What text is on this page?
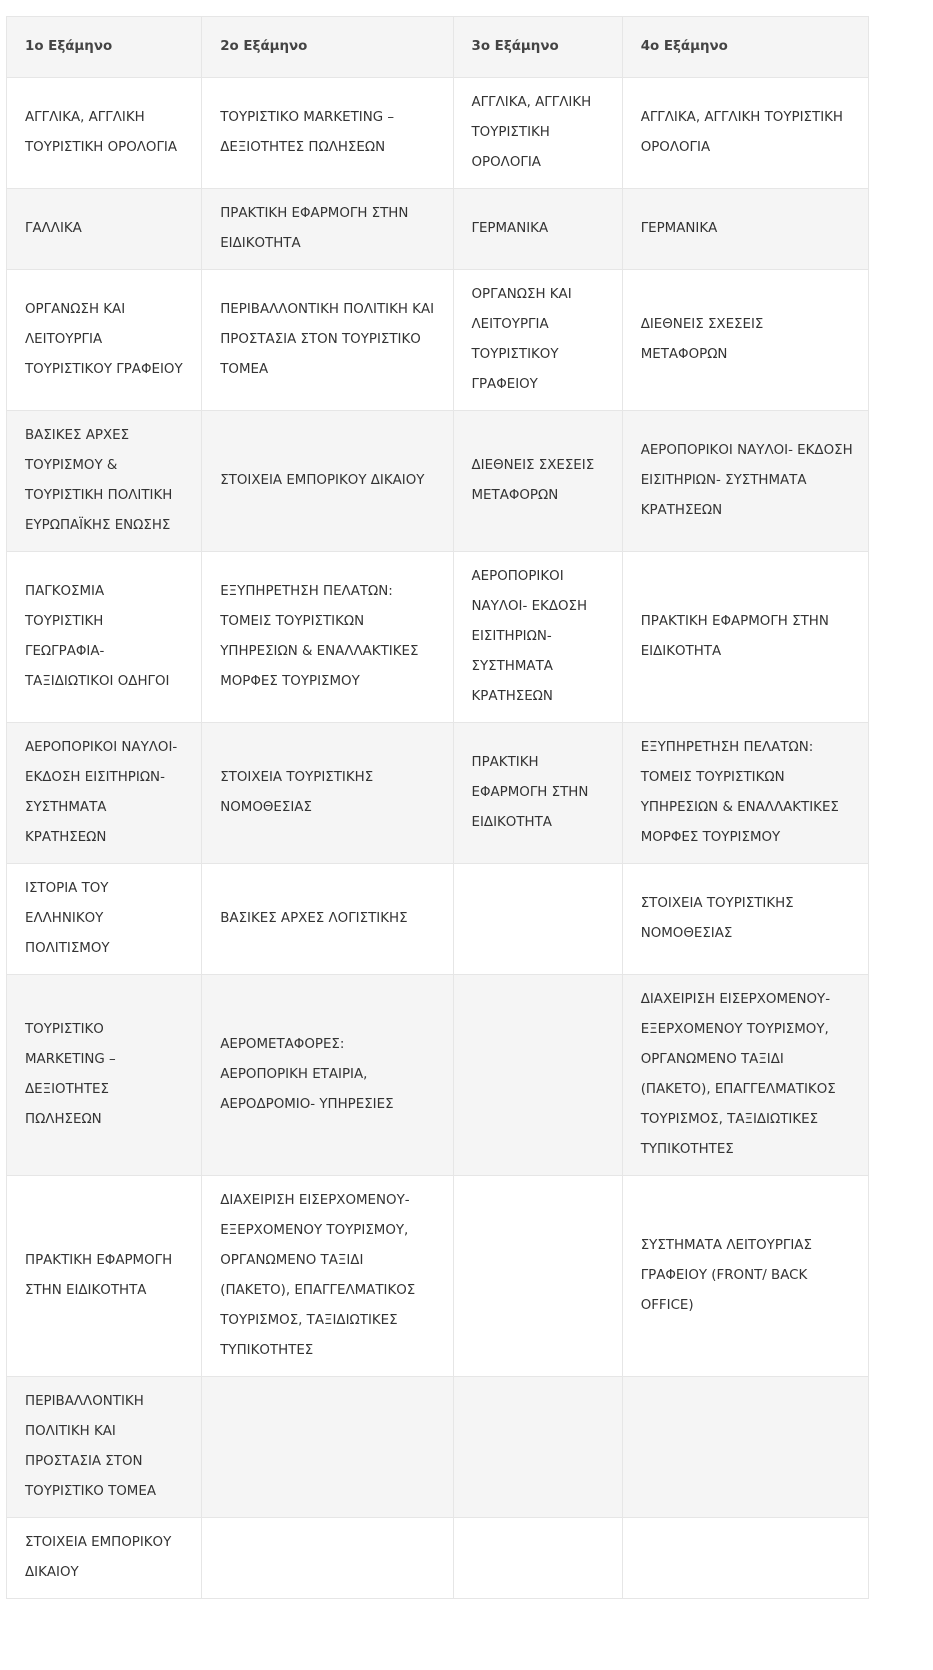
1ο Εξάμηνο	2ο Εξάμηνο	3ο Εξάμηνο	4ο Εξάμηνο
ΑΓΓΛΙΚΑ, ΑΓΓΛΙΚΗ ΤΟΥΡΙΣΤΙΚΗ ΟΡΟΛΟΓΙΑ	ΤΟΥΡΙΣΤΙΚΟ MARKETING – ΔΕΞΙΟΤΗΤΕΣ ΠΩΛΗΣΕΩΝ	ΑΓΓΛΙΚΑ, ΑΓΓΛΙΚΗ ΤΟΥΡΙΣΤΙΚΗ ΟΡΟΛΟΓΙΑ	ΑΓΓΛΙΚΑ, ΑΓΓΛΙΚΗ ΤΟΥΡΙΣΤΙΚΗ ΟΡΟΛΟΓΙΑ
ΓΑΛΛΙΚΑ	ΠΡΑΚΤΙΚΗ ΕΦΑΡΜΟΓΗ ΣΤΗΝ ΕΙΔΙΚΟΤΗΤΑ	ΓΕΡΜΑΝΙΚΑ	ΓΕΡΜΑΝΙΚΑ
ΟΡΓΑΝΩΣΗ ΚΑΙ ΛΕΙΤΟΥΡΓΙΑ ΤΟΥΡΙΣΤΙΚΟΥ ΓΡΑΦΕΙΟΥ	ΠΕΡΙΒΑΛΛΟΝΤΙΚΗ ΠΟΛΙΤΙΚΗ ΚΑΙ ΠΡΟΣΤΑΣΙΑ ΣΤΟΝ ΤΟΥΡΙΣΤΙΚΟ ΤΟΜΕΑ	ΟΡΓΑΝΩΣΗ ΚΑΙ ΛΕΙΤΟΥΡΓΙΑ ΤΟΥΡΙΣΤΙΚΟΥ ΓΡΑΦΕΙΟΥ	ΔΙΕΘΝΕΙΣ ΣΧΕΣΕΙΣ ΜΕΤΑΦΟΡΩΝ
ΒΑΣΙΚΕΣ ΑΡΧΕΣ ΤΟΥΡΙΣΜΟΥ & ΤΟΥΡΙΣΤΙΚΗ ΠΟΛΙΤΙΚΗ ΕΥΡΩΠΑΪΚΗΣ ΕΝΩΣΗΣ	ΣΤΟΙΧΕΙΑ ΕΜΠΟΡΙΚΟΥ ΔΙΚΑΙΟΥ	ΔΙΕΘΝΕΙΣ ΣΧΕΣΕΙΣ ΜΕΤΑΦΟΡΩΝ	ΑΕΡΟΠΟΡΙΚΟΙ ΝΑΥΛΟΙ- ΕΚΔΟΣΗ ΕΙΣΙΤΗΡΙΩΝ- ΣΥΣΤΗΜΑΤΑ ΚΡΑΤΗΣΕΩΝ
ΠΑΓΚΟΣΜΙΑ ΤΟΥΡΙΣΤΙΚΗ ΓΕΩΓΡΑΦΙΑ- ΤΑΞΙΔΙΩΤΙΚΟΙ ΟΔΗΓΟΙ	ΕΞΥΠΗΡΕΤΗΣΗ ΠΕΛΑΤΩΝ: ΤΟΜΕΙΣ ΤΟΥΡΙΣΤΙΚΩΝ ΥΠΗΡΕΣΙΩΝ & ΕΝΑΛΛΑΚΤΙΚΕΣ ΜΟΡΦΕΣ ΤΟΥΡΙΣΜΟΥ	ΑΕΡΟΠΟΡΙΚΟΙ ΝΑΥΛΟΙ- ΕΚΔΟΣΗ ΕΙΣΙΤΗΡΙΩΝ- ΣΥΣΤΗΜΑΤΑ ΚΡΑΤΗΣΕΩΝ	ΠΡΑΚΤΙΚΗ ΕΦΑΡΜΟΓΗ ΣΤΗΝ ΕΙΔΙΚΟΤΗΤΑ
ΑΕΡΟΠΟΡΙΚΟΙ ΝΑΥΛΟΙ- ΕΚΔΟΣΗ ΕΙΣΙΤΗΡΙΩΝ- ΣΥΣΤΗΜΑΤΑ ΚΡΑΤΗΣΕΩΝ	ΣΤΟΙΧΕΙΑ ΤΟΥΡΙΣΤΙΚΗΣ ΝΟΜΟΘΕΣΙΑΣ	ΠΡΑΚΤΙΚΗ ΕΦΑΡΜΟΓΗ ΣΤΗΝ ΕΙΔΙΚΟΤΗΤΑ	ΕΞΥΠΗΡΕΤΗΣΗ ΠΕΛΑΤΩΝ: ΤΟΜΕΙΣ ΤΟΥΡΙΣΤΙΚΩΝ ΥΠΗΡΕΣΙΩΝ & ΕΝΑΛΛΑΚΤΙΚΕΣ ΜΟΡΦΕΣ ΤΟΥΡΙΣΜΟΥ
ΙΣΤΟΡΙΑ ΤΟΥ ΕΛΛΗΝΙΚΟΥ ΠΟΛΙΤΙΣΜΟΥ	ΒΑΣΙΚΕΣ ΑΡΧΕΣ ΛΟΓΙΣΤΙΚΗΣ		ΣΤΟΙΧΕΙΑ ΤΟΥΡΙΣΤΙΚΗΣ ΝΟΜΟΘΕΣΙΑΣ
ΤΟΥΡΙΣΤΙΚΟ MARKETING – ΔΕΞΙΟΤΗΤΕΣ ΠΩΛΗΣΕΩΝ	ΑΕΡΟΜΕΤΑΦΟΡΕΣ: ΑΕΡΟΠΟΡΙΚΗ ΕΤΑΙΡΙΑ, ΑΕΡΟΔΡΟΜΙΟ- ΥΠΗΡΕΣΙΕΣ		ΔΙΑΧΕΙΡΙΣΗ ΕΙΣΕΡΧΟΜΕΝΟΥ-ΕΞΕΡΧΟΜΕΝΟΥ ΤΟΥΡΙΣΜΟΥ, ΟΡΓΑΝΩΜΕΝΟ ΤΑΞΙΔΙ (ΠΑΚΕΤΟ), ΕΠΑΓΓΕΛΜΑΤΙΚΟΣ ΤΟΥΡΙΣΜΟΣ, ΤΑΞΙΔΙΩΤΙΚΕΣ ΤΥΠΙΚΟΤΗΤΕΣ
ΠΡΑΚΤΙΚΗ ΕΦΑΡΜΟΓΗ ΣΤΗΝ ΕΙΔΙΚΟΤΗΤΑ	ΔΙΑΧΕΙΡΙΣΗ ΕΙΣΕΡΧΟΜΕΝΟΥ-ΕΞΕΡΧΟΜΕΝΟΥ ΤΟΥΡΙΣΜΟΥ, ΟΡΓΑΝΩΜΕΝΟ ΤΑΞΙΔΙ (ΠΑΚΕΤΟ), ΕΠΑΓΓΕΛΜΑΤΙΚΟΣ ΤΟΥΡΙΣΜΟΣ, ΤΑΞΙΔΙΩΤΙΚΕΣ ΤΥΠΙΚΟΤΗΤΕΣ		ΣΥΣΤΗΜΑΤΑ ΛΕΙΤΟΥΡΓΙΑΣ ΓΡΑΦΕΙΟΥ (FRONT/ BACK OFFICE)
ΠΕΡΙΒΑΛΛΟΝΤΙΚΗ ΠΟΛΙΤΙΚΗ ΚΑΙ ΠΡΟΣΤΑΣΙΑ ΣΤΟΝ ΤΟΥΡΙΣΤΙΚΟ ΤΟΜΕΑ			
ΣΤΟΙΧΕΙΑ ΕΜΠΟΡΙΚΟΥ ΔΙΚΑΙΟΥ			
